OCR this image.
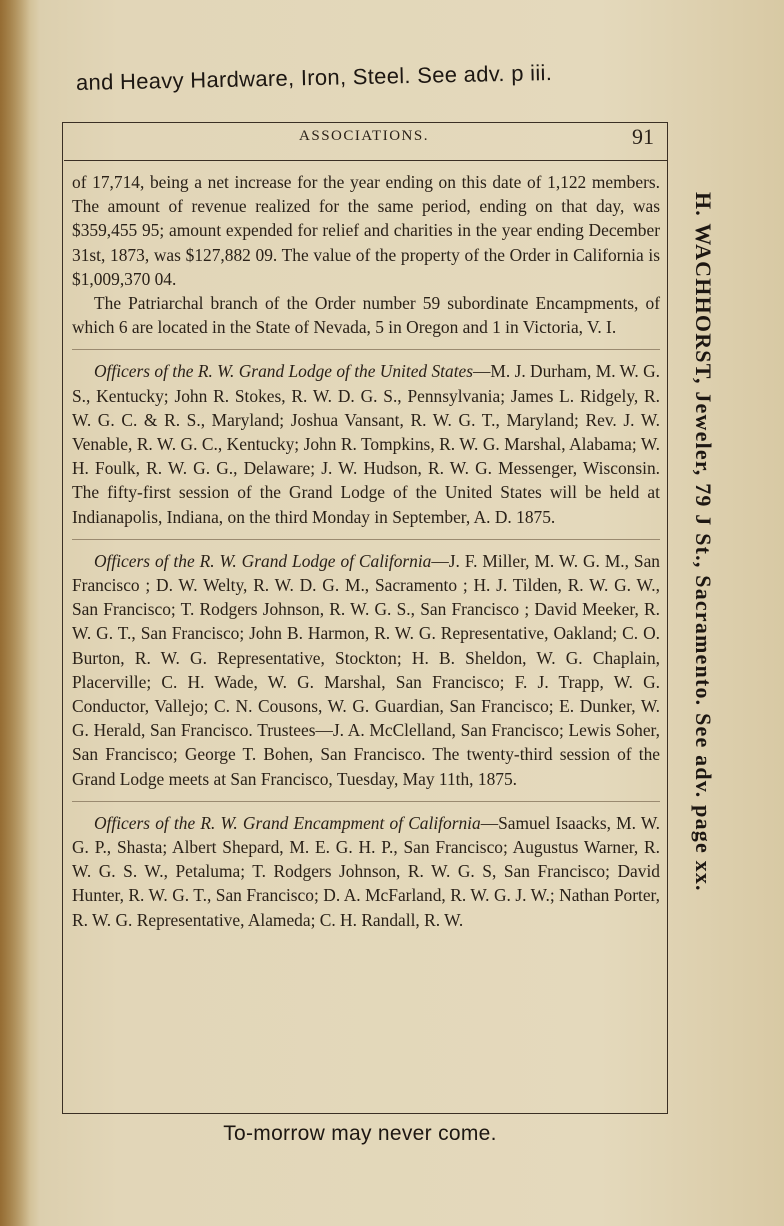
and Heavy Hardware, Iron, Steel. See adv. p iii.
ASSOCIATIONS.	91

of 17,714, being a net increase for the year ending on this date of 1,122 members. The amount of revenue realized for the same period, ending on that day, was $359,455 95; amount expended for relief and charities in the year ending December 31st, 1873, was $127,882 09. The value of the property of the Order in California is $1,009,370 04.

The Patriarchal branch of the Order number 59 subordinate Encampments, of which 6 are located in the State of Nevada, 5 in Oregon and 1 in Victoria, V. I.

Officers of the R. W. Grand Lodge of the United States—M. J. Durham, M. W. G. S., Kentucky; John R. Stokes, R. W. D. G. S., Pennsylvania; James L. Ridgely, R. W. G. C. & R. S., Maryland; Joshua Vansant, R. W. G. T., Maryland; Rev. J. W. Venable, R. W. G. C., Kentucky; John R. Tompkins, R. W. G. Marshal, Alabama; W. H. Foulk, R. W. G. G., Delaware; J. W. Hudson, R. W. G. Messenger, Wisconsin. The fifty-first session of the Grand Lodge of the United States will be held at Indianapolis, Indiana, on the third Monday in September, A. D. 1875.

Officers of the R. W. Grand Lodge of California—J. F. Miller, M. W. G. M., San Francisco ; D. W. Welty, R. W. D. G. M., Sacramento ; H. J. Tilden, R. W. G. W., San Francisco; T. Rodgers Johnson, R. W. G. S., San Francisco ; David Meeker, R. W. G. T., San Francisco; John B. Harmon, R. W. G. Representative, Oakland; C. O. Burton, R. W. G. Representative, Stockton; H. B. Sheldon, W. G. Chaplain, Placerville; C. H. Wade, W. G. Marshal, San Francisco; F. J. Trapp, W. G. Conductor, Vallejo; C. N. Cousons, W. G. Guardian, San Francisco; E. Dunker, W. G. Herald, San Francisco. Trustees—J. A. McClelland, San Francisco; Lewis Soher, San Francisco; George T. Bohen, San Francisco. The twenty-third session of the Grand Lodge meets at San Francisco, Tuesday, May 11th, 1875.

Officers of the R. W. Grand Encampment of California—Samuel Isaacks, M. W. G. P., Shasta; Albert Shepard, M. E. G. H. P., San Francisco; Augustus Warner, R. W. G. S. W., Petaluma; T. Rodgers Johnson, R. W. G. S, San Francisco; David Hunter, R. W. G. T., San Francisco; D. A. McFarland, R. W. G. J. W.; Nathan Porter, R. W. G. Representative, Alameda; C. H. Randall, R. W.

To-morrow may never come.
H. WACHHORST, Jeweler, 79 J St., Sacramento. See adv. page xx.
